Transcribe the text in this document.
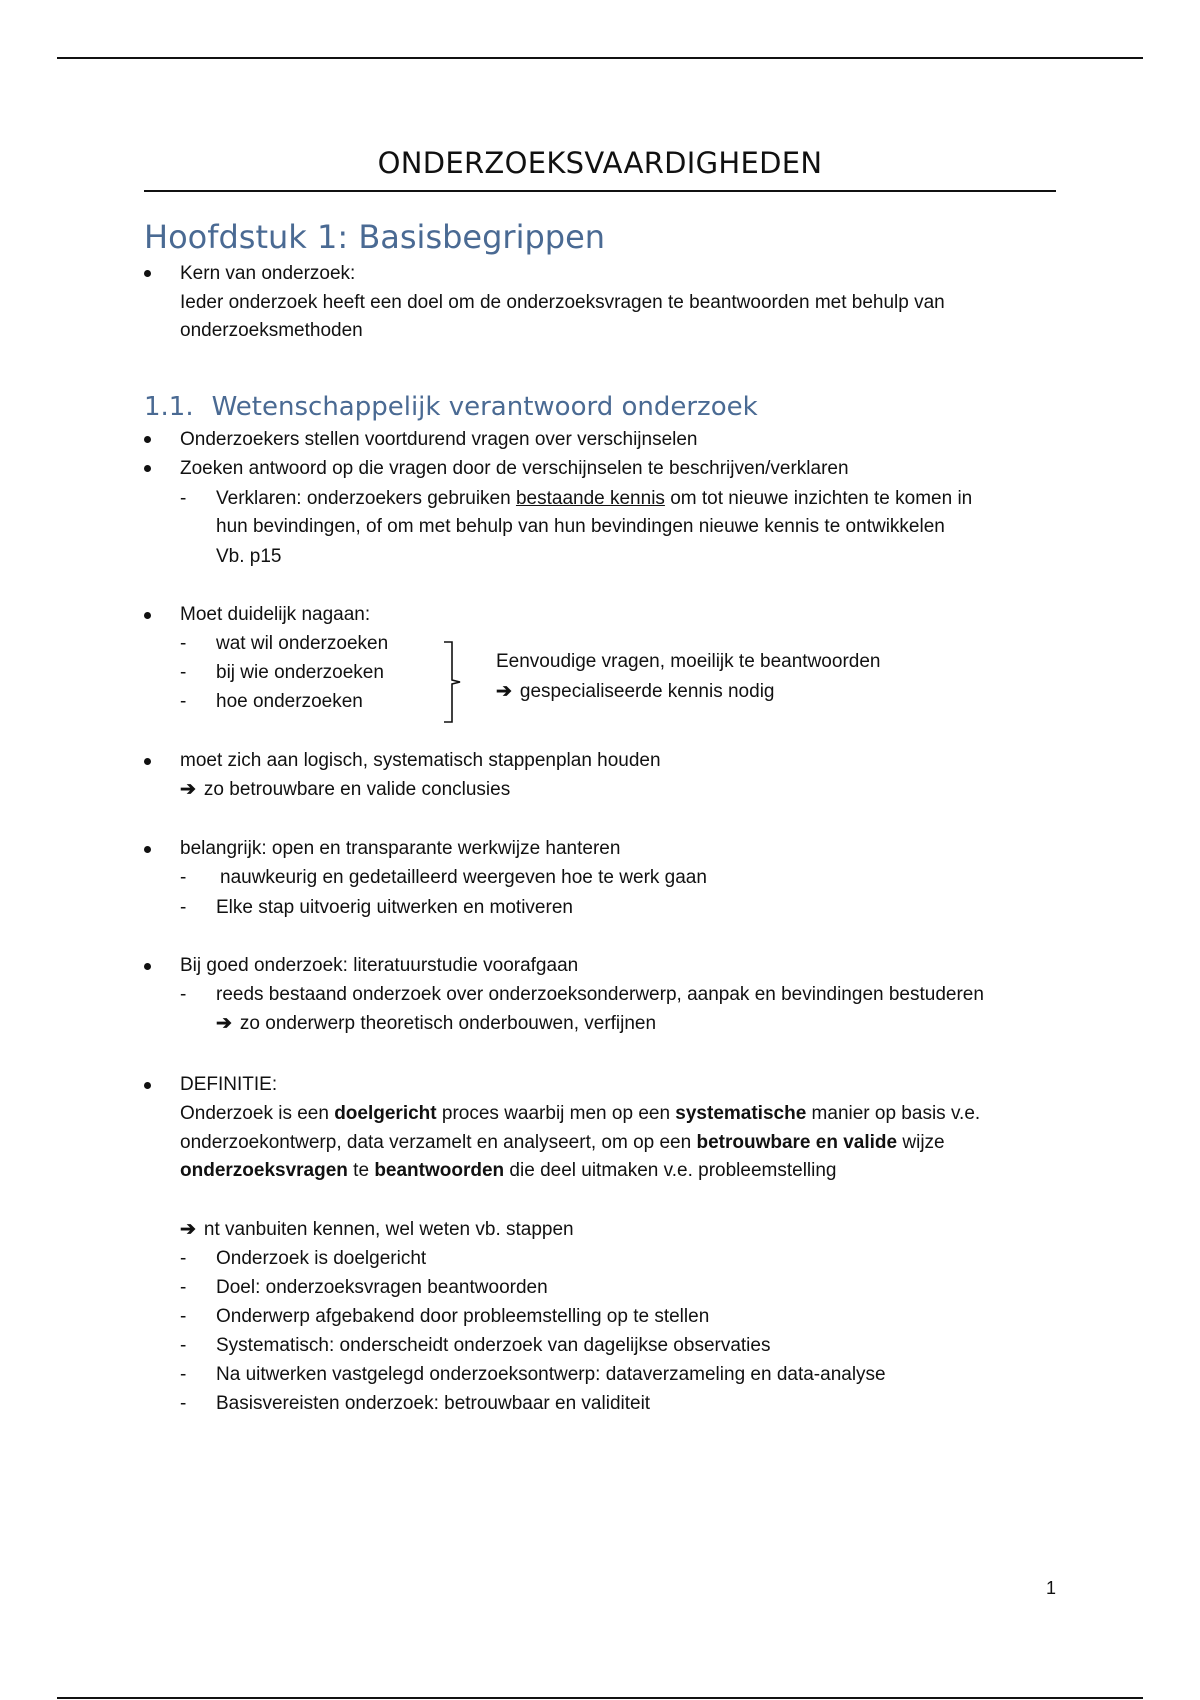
ONDERZOEKSVAARDIGHEDEN
Hoofdstuk 1: Basisbegrippen
Kern van onderzoek:
Ieder onderzoek heeft een doel om de onderzoeksvragen te beantwoorden met behulp van
onderzoeksmethoden
1.1. Wetenschappelijk verantwoord onderzoek
Onderzoekers stellen voortdurend vragen over verschijnselen
Zoeken antwoord op die vragen door de verschijnselen te beschrijven/verklaren
- Verklaren: onderzoekers gebruiken bestaande kennis om tot nieuwe inzichten te komen in
hun bevindingen, of om met behulp van hun bevindingen nieuwe kennis te ontwikkelen
Vb. p15
Moet duidelijk nagaan:
- wat wil onderzoeken
- bij wie onderzoeken
- hoe onderzoeken
Eenvoudige vragen, moeilijk te beantwoorden
➔ gespecialiseerde kennis nodig
moet zich aan logisch, systematisch stappenplan houden
➔ zo betrouwbare en valide conclusies
belangrijk: open en transparante werkwijze hanteren
- nauwkeurig en gedetailleerd weergeven hoe te werk gaan
- Elke stap uitvoerig uitwerken en motiveren
Bij goed onderzoek: literatuurstudie voorafgaan
- reeds bestaand onderzoek over onderzoeksonderwerp, aanpak en bevindingen bestuderen
➔ zo onderwerp theoretisch onderbouwen, verfijnen
DEFINITIE:
Onderzoek is een doelgericht proces waarbij men op een systematische manier op basis v.e.
onderzoekontwerp, data verzamelt en analyseert, om op een betrouwbare en valide wijze
onderzoeksvragen te beantwoorden die deel uitmaken v.e. probleemstelling
➔ nt vanbuiten kennen, wel weten vb. stappen
- Onderzoek is doelgericht
- Doel: onderzoeksvragen beantwoorden
- Onderwerp afgebakend door probleemstelling op te stellen
- Systematisch: onderscheidt onderzoek van dagelijkse observaties
- Na uitwerken vastgelegd onderzoeksontwerp: dataverzameling en data-analyse
- Basisvereisten onderzoek: betrouwbaar en validiteit
1
